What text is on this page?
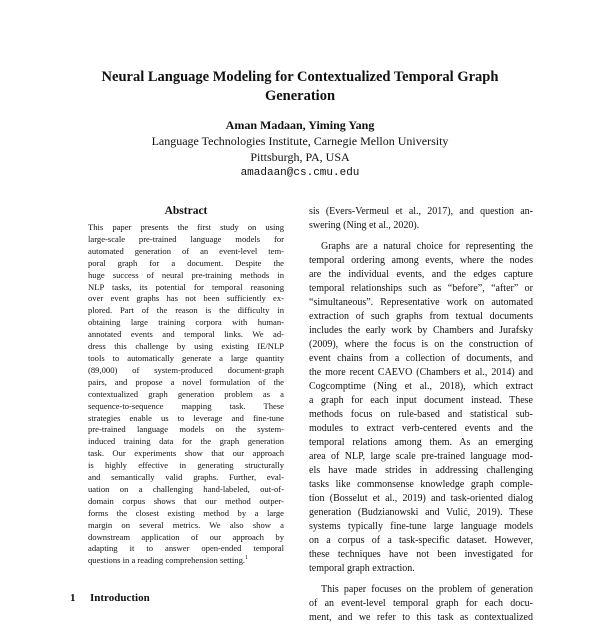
Neural Language Modeling for Contextualized Temporal Graph
Generation
Aman Madaan, Yiming Yang
Language Technologies Institute, Carnegie Mellon University
Pittsburgh, PA, USA
amadaan@cs.cmu.edu
Abstract
This paper presents the first study on using
large-scale pre-trained language models for
automated generation of an event-level tem-
poral graph for a document. Despite the
huge success of neural pre-training methods in
NLP tasks, its potential for temporal reasoning
over event graphs has not been sufficiently ex-
plored. Part of the reason is the difficulty in
obtaining large training corpora with human-
annotated events and temporal links. We ad-
dress this challenge by using existing IE/NLP
tools to automatically generate a large quantity
(89,000) of system-produced document-graph
pairs, and propose a novel formulation of the
contextualized graph generation problem as a
sequence-to-sequence mapping task. These
strategies enable us to leverage and fine-tune
pre-trained language models on the system-
induced training data for the graph generation
task. Our experiments show that our approach
is highly effective in generating structurally
and semantically valid graphs. Further, eval-
uation on a challenging hand-labeled, out-of-
domain corpus shows that our method outper-
forms the closest existing method by a large
margin on several metrics. We also show a
downstream application of our approach by
adapting it to answer open-ended temporal
questions in a reading comprehension setting.$^1$
1 Introduction
sis (Evers-Vermeul et al., 2017), and question an-
swering (Ning et al., 2020).
Graphs are a natural choice for representing the
temporal ordering among events, where the nodes
are the individual events, and the edges capture
temporal relationships such as “before”, “after” or
“simultaneous”. Representative work on automated
extraction of such graphs from textual documents
includes the early work by Chambers and Jurafsky
(2009), where the focus is on the construction of
event chains from a collection of documents, and
the more recent CAEVO (Chambers et al., 2014) and
Cogcomptime (Ning et al., 2018), which extract
a graph for each input document instead. These
methods focus on rule-based and statistical sub-
modules to extract verb-centered events and the
temporal relations among them. As an emerging
area of NLP, large scale pre-trained language mod-
els have made strides in addressing challenging
tasks like commonsense knowledge graph comple-
tion (Bosselut et al., 2019) and task-oriented dialog
generation (Budzianowski and Vulić, 2019). These
systems typically fine-tune large language models
on a corpus of a task-specific dataset. However,
these techniques have not been investigated for
temporal graph extraction.
This paper focuses on the problem of generation
of an event-level temporal graph for each docu-
ment, and we refer to this task as contextualized
